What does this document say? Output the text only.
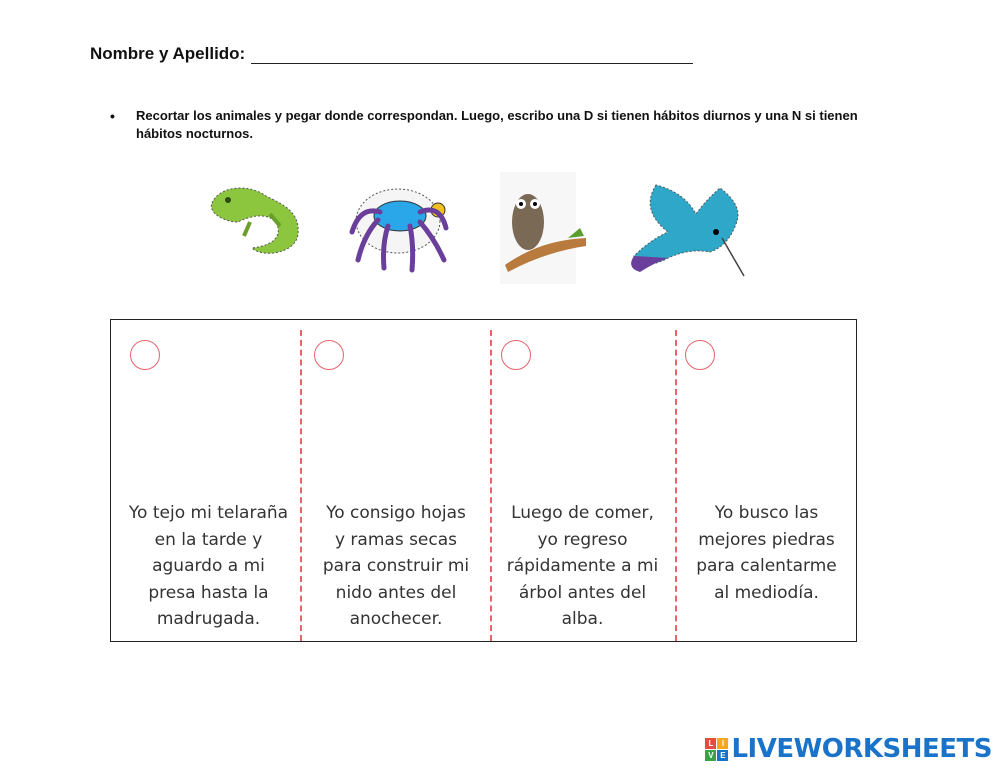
Nombre y Apellido:
•	Recortar los animales y pegar donde correspondan. Luego, escribo una D si tienen hábitos diurnos y una N si tienen hábitos nocturnos.
Yo tejo mi telaraña
en la tarde y
aguardo a mi
presa hasta la
madrugada.
Yo consigo hojas
y ramas secas
para construir mi
nido antes del
anochecer.
Luego de comer,
yo regreso
rápidamente a mi
árbol antes del
alba.
Yo busco las
mejores piedras
para calentarme
al mediodía.
L	I
V E LIVEWORKSHEETS
